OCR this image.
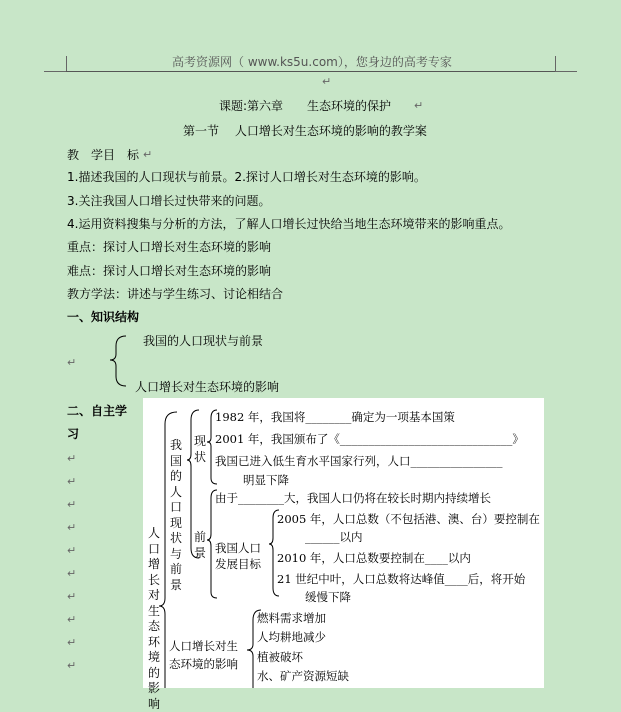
高考资源网（ www.ks5u.com），您身边的高考专家
↵
课题:第六章　　生态环境的保护 ↵
第一节　 人口增长对生态环境的影响的教学案
教　学目　标 ↵
1.描述我国的人口现状与前景。2.探讨人口增长对生态环境的影响。
3.关注我国人口增长过快带来的问题。
4.运用资料搜集与分析的方法，了解人口增长过快给当地生态环境带来的影响重点。
重点：探讨人口增长对生态环境的影响
难点：探讨人口增长对生态环境的影响
教方学法：讲述与学生练习、讨论相结合
一、知识结构
我国的人口现状与前景
人口增长对生态环境的影响
↵
二、自主学
习
↵
↵
↵
↵
↵
↵
↵
↵
↵
↵
人口增长对生态环境的影响
我国的人口现状与前景
现状
前景
1982 年，我国将________确定为一项基本国策
2001 年，我国颁布了《______________________________》
我国已进入低生育水平国家行列，人口________________
明显下降
由于________大，我国人口仍将在较长时期内持续增长
我国人口
发展目标
2005 年，人口总数（不包括港、澳、台）要控制在
______以内
2010 年，人口总数要控制在____以内
21 世纪中叶，人口总数将达峰值____后，将开始
缓慢下降
人口增长对生
态环境的影响
燃料需求增加
人均耕地减少
植被破坏
水、矿产资源短缺
